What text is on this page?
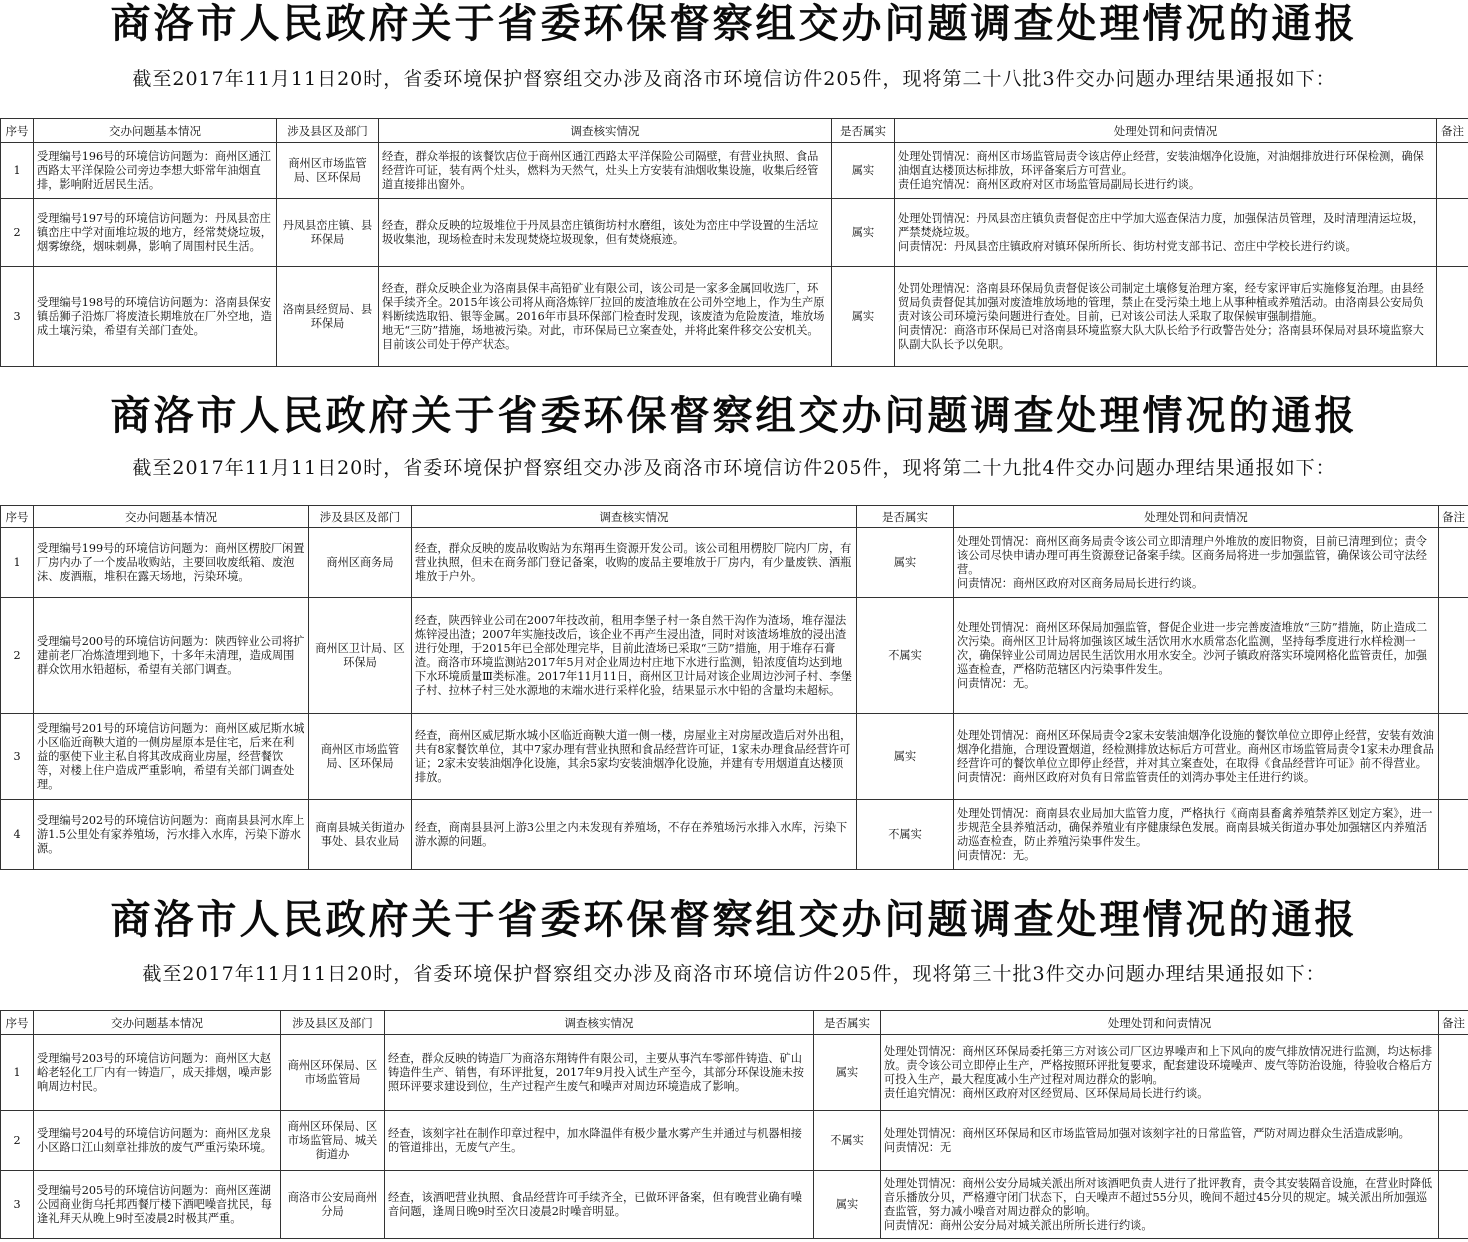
商洛市人民政府关于省委环保督察组交办问题调查处理情况的通报
截至2017年11月11日20时，省委环境保护督察组交办涉及商洛市环境信访件205件，现将第二十八批3件交办问题办理结果通报如下：
序号	交办问题基本情况	涉及县区及部门	调查核实情况	是否属实	处理处罚和问责情况	备注
1	受理编号196号的环境信访问题为：商州区通江西路太平洋保险公司旁边李想大虾常年油烟直排，影响附近居民生活。	商州区市场监管局、区环保局	经查，群众举报的该餐饮店位于商州区通江西路太平洋保险公司隔壁，有营业执照、食品经营许可证，装有两个灶头，燃料为天然气，灶头上方安装有油烟收集设施，收集后经管道直接排出窗外。	属实	处理处罚情况：商州区市场监管局责令该店停止经营，安装油烟净化设施，对油烟排放进行环保检测，确保油烟直达楼顶达标排放，环评备案后方可营业。
责任追究情况：商州区政府对区市场监管局副局长进行约谈。	
2	受理编号197号的环境信访问题为：丹凤县峦庄镇峦庄中学对面堆垃圾的地方，经常焚烧垃圾，烟雾缭绕，烟味刺鼻，影响了周围村民生活。	丹凤县峦庄镇、县环保局	经查，群众反映的垃圾堆位于丹凤县峦庄镇街坊村水磨组，该处为峦庄中学设置的生活垃圾收集池，现场检查时未发现焚烧垃圾现象，但有焚烧痕迹。	属实	处理处罚情况：丹凤县峦庄镇负责督促峦庄中学加大巡查保洁力度，加强保洁员管理，及时清理清运垃圾，严禁焚烧垃圾。
问责情况：丹凤县峦庄镇政府对镇环保所所长、街坊村党支部书记、峦庄中学校长进行约谈。	
3	受理编号198号的环境信访问题为：洛南县保安镇岳狮子沿炼厂将废渣长期堆放在厂外空地，造成土壤污染，希望有关部门查处。	洛南县经贸局、县环保局	经查，群众反映企业为洛南县保丰高铅矿业有限公司，该公司是一家多金属回收选厂，环保手续齐全。2015年该公司将从商洛炼锌厂拉回的废渣堆放在公司外空地上，作为生产原料断续选取铅、银等金属。2016年市县环保部门检查时发现，该废渣为危险废渣，堆放场地无“三防”措施，场地被污染。对此，市环保局已立案查处，并将此案件移交公安机关。目前该公司处于停产状态。	属实	处罚处理情况：洛南县环保局负责督促该公司制定土壤修复治理方案，经专家评审后实施修复治理。由县经贸局负责督促其加强对废渣堆放场地的管理，禁止在受污染土地上从事种植或养殖活动。由洛南县公安局负责对该公司环境污染问题进行查处。目前，已对该公司法人采取了取保候审强制措施。
问责情况：商洛市环保局已对洛南县环境监察大队大队长给予行政警告处分；洛南县环保局对县环境监察大队副大队长予以免职。	
商洛市人民政府关于省委环保督察组交办问题调查处理情况的通报
截至2017年11月11日20时，省委环境保护督察组交办涉及商洛市环境信访件205件，现将第二十九批4件交办问题办理结果通报如下：
序号	交办问题基本情况	涉及县区及部门	调查核实情况	是否属实	处理处罚和问责情况	备注
1	受理编号199号的环境信访问题为：商州区楞胶厂闲置厂房内办了一个废品收购站，主要回收废纸箱、废泡沫、废酒瓶，堆积在露天场地，污染环境。	商州区商务局	经查，群众反映的废品收购站为东翔再生资源开发公司。该公司租用楞胶厂院内厂房，有营业执照，但未在商务部门登记备案，收购的废品主要堆放于厂房内，有少量废铁、酒瓶堆放于户外。	属实	处理处罚情况：商州区商务局责令该公司立即清理户外堆放的废旧物资，目前已清理到位；责令该公司尽快申请办理可再生资源登记备案手续。区商务局将进一步加强监管，确保该公司守法经营。
问责情况：商州区政府对区商务局局长进行约谈。	
2	受理编号200号的环境信访问题为：陕西锌业公司将扩建前老厂冶炼渣埋到地下，十多年未清理，造成周围群众饮用水铅超标，希望有关部门调查。	商州区卫计局、区环保局	经查，陕西锌业公司在2007年技改前，租用李堡子村一条自然干沟作为渣场，堆存湿法炼锌浸出渣；2007年实施技改后，该企业不再产生浸出渣，同时对该渣场堆放的浸出渣进行处理，于2015年已全部处理完毕，目前此渣场已采取“三防”措施，用于堆存石膏渣。商洛市环境监测站2017年5月对企业周边村庄地下水进行监测，铅浓度值均达到地下水环境质量Ⅲ类标准。2017年11月11日，商州区卫计局对该企业周边沙河子村、李堡子村、拉林子村三处水源地的末端水进行采样化验，结果显示水中铅的含量均未超标。	不属实	处理处罚情况：商州区环保局加强监管，督促企业进一步完善废渣堆放“三防”措施，防止造成二次污染。商州区卫计局将加强该区域生活饮用水水质常态化监测，坚持每季度进行水样检测一次，确保锌业公司周边居民生活饮用水用水安全。沙河子镇政府落实环境网格化监管责任，加强巡查检查，严格防范辖区内污染事件发生。
问责情况：无。	
3	受理编号201号的环境信访问题为：商州区威尼斯水城小区临近商鞅大道的一侧房屋原本是住宅，后来在利益的驱使下业主私自将其改成商业房屋，经营餐饮等，对楼上住户造成严重影响，希望有关部门调查处理。	商州区市场监管局、区环保局	经查，商州区威尼斯水城小区临近商鞅大道一侧一楼，房屋业主对房屋改造后对外出租，共有8家餐饮单位，其中7家办理有营业执照和食品经营许可证，1家未办理食品经营许可证；2家未安装油烟净化设施，其余5家均安装油烟净化设施，并建有专用烟道直达楼顶排放。	属实	处理处罚情况：商州区环保局责令2家未安装油烟净化设施的餐饮单位立即停止经营，安装有效油烟净化措施，合理设置烟道，经检测排放达标后方可营业。商州区市场监管局责令1家未办理食品经营许可的餐饮单位立即停止经营，并对其立案查处，在取得《食品经营许可证》前不得营业。
问责情况：商州区政府对负有日常监管责任的刘湾办事处主任进行约谈。	
4	受理编号202号的环境信访问题为：商南县县河水库上游1.5公里处有家养殖场，污水排入水库，污染下游水源。	商南县城关街道办事处、县农业局	经查，商南县县河上游3公里之内未发现有养殖场，不存在养殖场污水排入水库，污染下游水源的问题。	不属实	处理处罚情况：商南县农业局加大监管力度，严格执行《商南县畜禽养殖禁养区划定方案》，进一步规范全县养殖活动，确保养殖业有序健康绿色发展。商南县城关街道办事处加强辖区内养殖活动巡查检查，防止养殖污染事件发生。
问责情况：无。	
商洛市人民政府关于省委环保督察组交办问题调查处理情况的通报
截至2017年11月11日20时，省委环境保护督察组交办涉及商洛市环境信访件205件，现将第三十批3件交办问题办理结果通报如下：
序号	交办问题基本情况	涉及县区及部门	调查核实情况	是否属实	处理处罚和问责情况	备注
1	受理编号203号的环境信访问题为：商州区大赵峪老轻化工厂内有一铸造厂，成天排烟，噪声影响周边村民。	商州区环保局、区市场监管局	经查，群众反映的铸造厂为商洛东翔铸件有限公司，主要从事汽车零部件铸造、矿山铸造件生产、销售，有环评批复，2017年9月投入试生产至今，其部分环保设施未按照环评要求建设到位，生产过程产生废气和噪声对周边环境造成了影响。	属实	处理处罚情况：商州区环保局委托第三方对该公司厂区边界噪声和上下风向的废气排放情况进行监测，均达标排放。责令该公司立即停止生产，严格按照环评批复要求，配套建设环境噪声、废气等防治设施，待验收合格后方可投入生产，最大程度减小生产过程对周边群众的影响。
责任追究情况：商州区政府对区经贸局、区环保局局长进行约谈。	
2	受理编号204号的环境信访问题为：商州区龙泉小区路口江山刻章社排放的废气严重污染环境。	商州区环保局、区市场监管局、城关街道办	经查，该刻字社在制作印章过程中，加水降温伴有极少量水雾产生并通过与机器相接的管道排出，无废气产生。	不属实	处理处罚情况：商州区环保局和区市场监管局加强对该刻字社的日常监管，严防对周边群众生活造成影响。
问责情况：无	
3	受理编号205号的环境信访问题为：商州区莲湖公园商业街乌托邦西餐厅楼下酒吧噪音扰民，每逢礼拜天从晚上9时至凌晨2时极其严重。	商洛市公安局商州分局	经查，该酒吧营业执照、食品经营许可手续齐全，已做环评备案，但有晚营业确有噪音问题，逢周日晚9时至次日凌晨2时噪音明显。	属实	处理处罚情况：商州公安分局城关派出所对该酒吧负责人进行了批评教育，责令其安装隔音设施，在营业时降低音乐播放分贝，严格遵守闭门状态下，白天噪声不超过55分贝，晚间不超过45分贝的规定。城关派出所加强巡查监管，努力减小噪音对周边群众的影响。
问责情况：商州公安分局对城关派出所所长进行约谈。	
